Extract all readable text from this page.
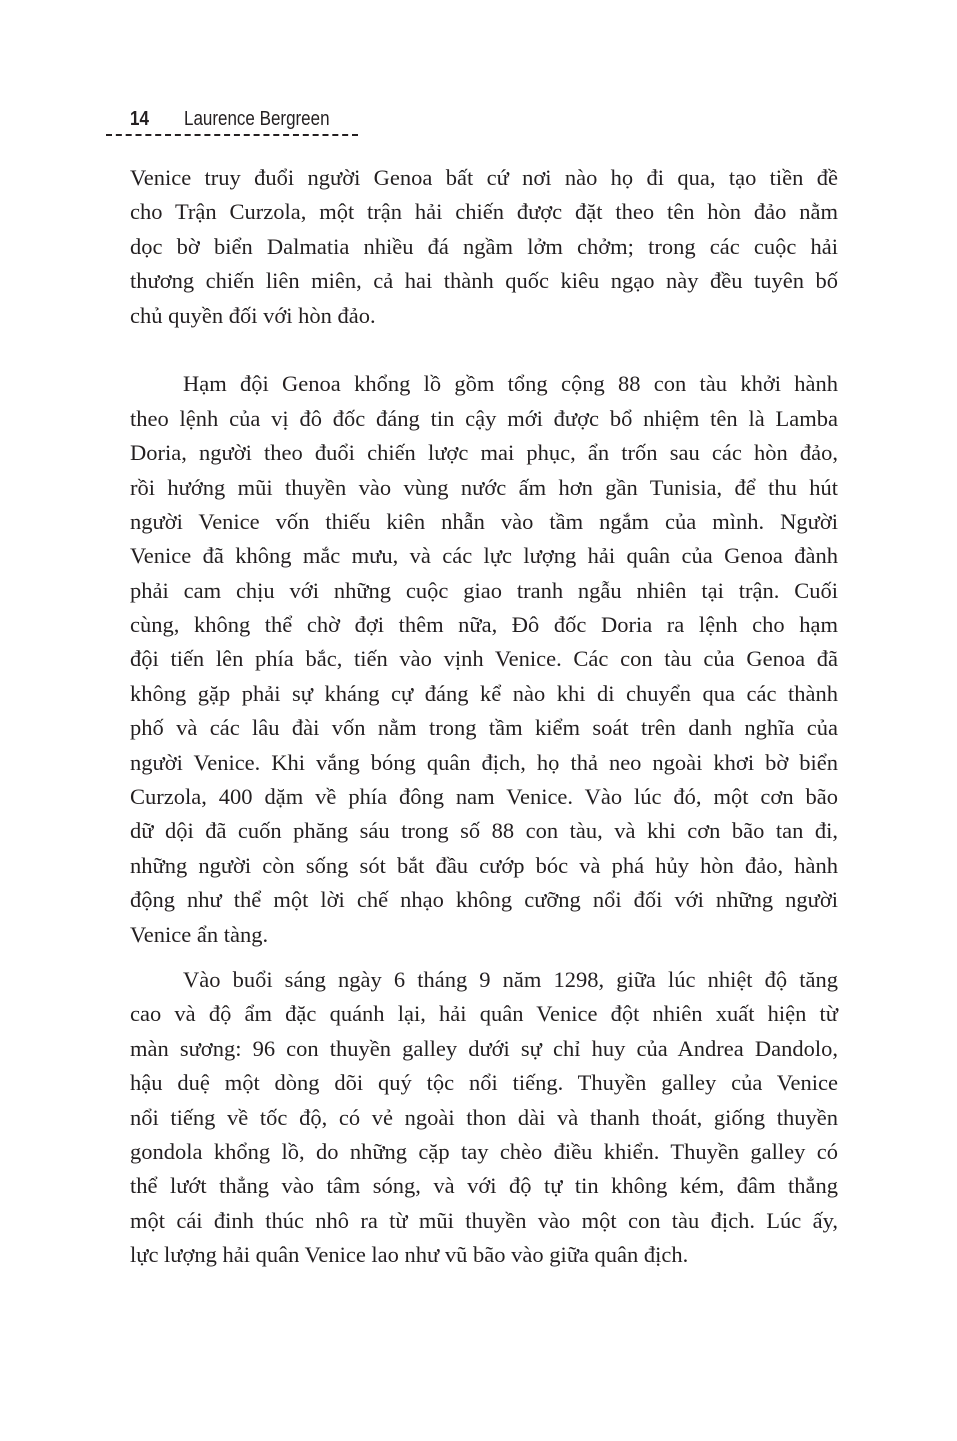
14 Laurence Bergreen
Venice truy đuổi người Genoa bất cứ nơi nào họ đi qua, tạo tiền đề
cho Trận Curzola, một trận hải chiến được đặt theo tên hòn đảo nằm
dọc bờ biển Dalmatia nhiều đá ngầm lởm chởm; trong các cuộc hải
thương chiến liên miên, cả hai thành quốc kiêu ngạo này đều tuyên bố
chủ quyền đối với hòn đảo.
Hạm đội Genoa khổng lồ gồm tổng cộng 88 con tàu khởi hành
theo lệnh của vị đô đốc đáng tin cậy mới được bổ nhiệm tên là Lamba
Doria, người theo đuổi chiến lược mai phục, ẩn trốn sau các hòn đảo,
rồi hướng mũi thuyền vào vùng nước ấm hơn gần Tunisia, để thu hút
người Venice vốn thiếu kiên nhẫn vào tầm ngắm của mình. Người
Venice đã không mắc mưu, và các lực lượng hải quân của Genoa đành
phải cam chịu với những cuộc giao tranh ngẫu nhiên tại trận. Cuối
cùng, không thể chờ đợi thêm nữa, Đô đốc Doria ra lệnh cho hạm
đội tiến lên phía bắc, tiến vào vịnh Venice. Các con tàu của Genoa đã
không gặp phải sự kháng cự đáng kể nào khi di chuyển qua các thành
phố và các lâu đài vốn nằm trong tầm kiểm soát trên danh nghĩa của
người Venice. Khi vắng bóng quân địch, họ thả neo ngoài khơi bờ biển
Curzola, 400 dặm về phía đông nam Venice. Vào lúc đó, một cơn bão
dữ dội đã cuốn phăng sáu trong số 88 con tàu, và khi cơn bão tan đi,
những người còn sống sót bắt đầu cướp bóc và phá hủy hòn đảo, hành
động như thể một lời chế nhạo không cưỡng nổi đối với những người
Venice ẩn tàng.
Vào buổi sáng ngày 6 tháng 9 năm 1298, giữa lúc nhiệt độ tăng
cao và độ ẩm đặc quánh lại, hải quân Venice đột nhiên xuất hiện từ
màn sương: 96 con thuyền galley dưới sự chỉ huy của Andrea Dandolo,
hậu duệ một dòng dõi quý tộc nổi tiếng. Thuyền galley của Venice
nổi tiếng về tốc độ, có vẻ ngoài thon dài và thanh thoát, giống thuyền
gondola khổng lồ, do những cặp tay chèo điều khiển. Thuyền galley có
thể lướt thẳng vào tâm sóng, và với độ tự tin không kém, đâm thẳng
một cái đinh thúc nhô ra từ mũi thuyền vào một con tàu địch. Lúc ấy,
lực lượng hải quân Venice lao như vũ bão vào giữa quân địch.
